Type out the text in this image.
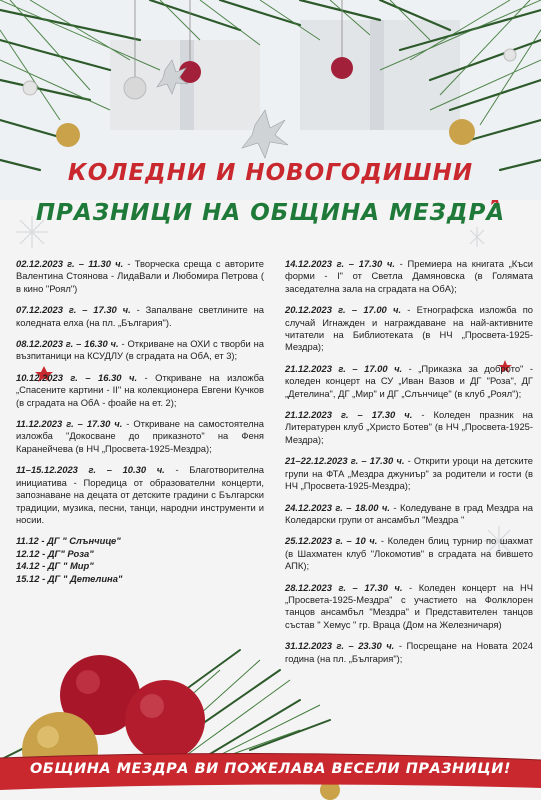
КОЛЕДНИ И НОВОГОДИШНИ
ПРАЗНИЦИ НА ОБЩИНА МЕЗДРА

02.12.2023 г. – 11.30 ч. - Творческа среща с авторите Валентина Стоянова - ЛидаВали и Любомира Петрова ( в кино "Роял")

07.12.2023 г. – 17.30 ч. - Запалване светлините на коледната елха (на пл. „България").

08.12.2023 г. – 16.30 ч. - Откриване на ОХИ с творби на възпитаници на КСУДЛУ (в сградата на ОбА, ет 3);

10.12.2023 г. – 16.30 ч. - Откриване на изложба „Спасените картини - II" на колекционера Евгени Кучков (в сградата на ОбА - фоайе на ет. 2);

11.12.2023 г. – 17.30 ч. - Откриване на самостоятелна изложба "Докосване до приказното" на Феня Каранейчева (в НЧ „Просвета-1925-Мездра);

11–15.12.2023 г. – 10.30 ч. - Благотворителна инициатива - Поредица от образователни концерти, запознаване на децата от детските градини с Български традиции, музика, песни, танци, народни инструменти и носии.

11.12 - ДГ " Слънчице"

12.12 - ДГ" Роза"

14.12 - ДГ " Мир"

15.12 - ДГ " Детелина"

14.12.2023 г. – 17.30 ч. - Премиера на книгата „Къси форми - I" от Светла Дамяновска (в Голямата заседателна зала на сградата на ОбА);

20.12.2023 г. – 17.00 ч. - Етнографска изложба по случай Игнажден и награждаване на най-активните читатели на Библиотеката (в НЧ „Просвета-1925-Мездра);

21.12.2023 г. – 17.00 ч. - „Приказка за доброто" - коледен концерт на СУ „Иван Вазов и ДГ "Роза", ДГ „Детелина", ДГ „Мир" и ДГ „Слънчице" (в клуб „Роял");

21.12.2023 г. – 17.30 ч. - Коледен празник на Литературен клуб „Христо Ботев" (в НЧ „Просвета-1925-Мездра);

21–22.12.2023 г. – 17.30 ч. - Открити уроци на детските групи на ФТА „Мездра джуниър" за родители и гости (в НЧ „Просвета-1925-Мездра);

24.12.2023 г. – 18.00 ч. - Коледуване в град Мездра на Коледарски групи от ансамбъл "Мездра "

25.12.2023 г. – 10 ч. - Коледен блиц турнир по шахмат (в Шахматен клуб "Локомотив" в сградата на бившето АПК);

28.12.2023 г. – 17.30 ч. - Коледен концерт на НЧ „Просвета-1925-Мездра" с участието на Фолклорен танцов ансамбъл "Мездра" и Представителен танцов състав " Хемус " гр. Враца (Дом на Железничаря)

31.12.2023 г. – 23.30 ч. - Посрещане на Новата 2024 година (на пл. „България");

ОБЩИНА МЕЗДРА ВИ ПОЖЕЛАВА ВЕСЕЛИ ПРАЗНИЦИ!
